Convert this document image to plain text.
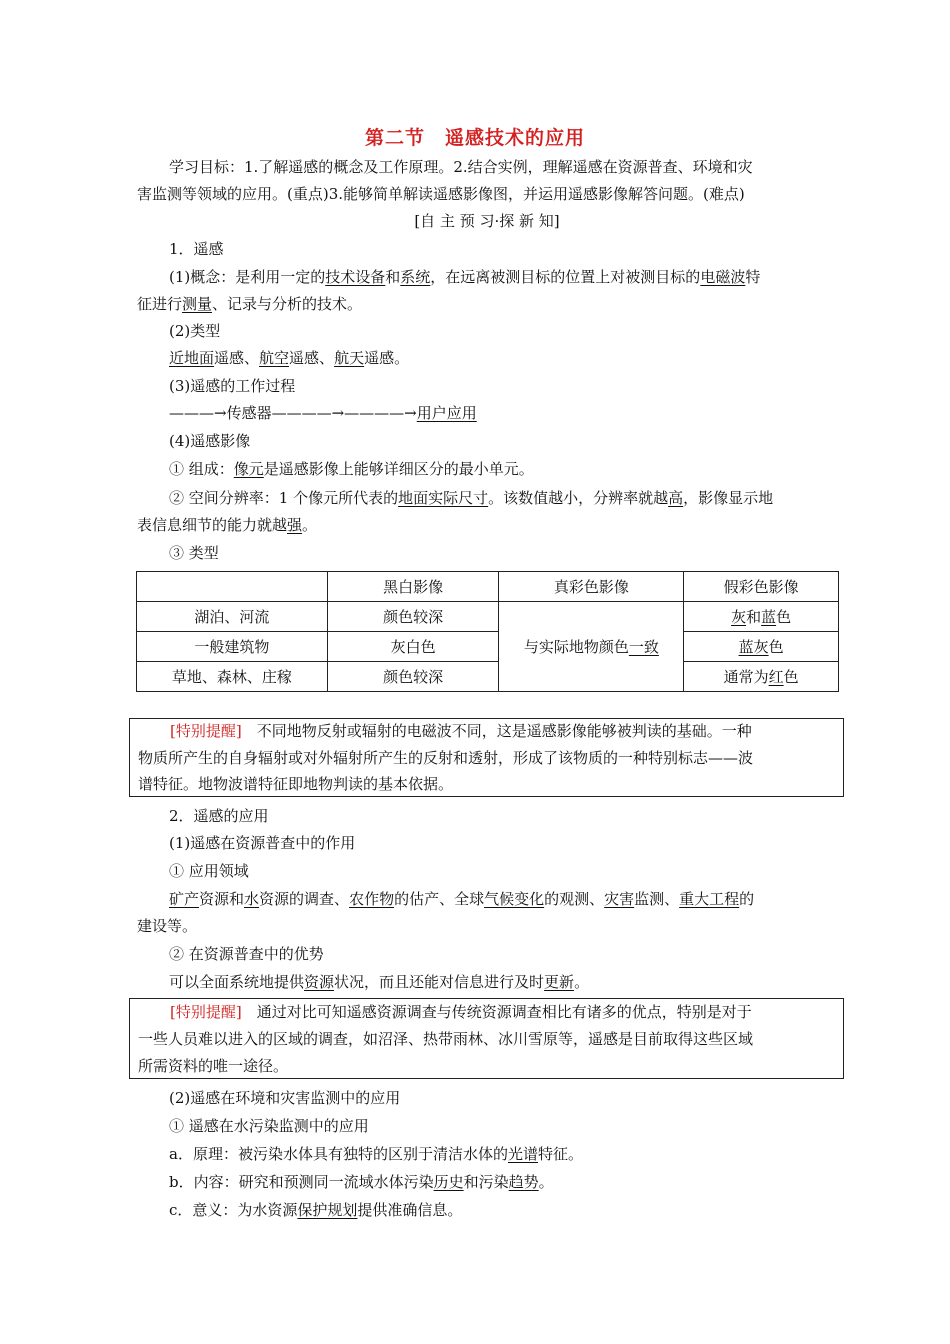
第二节　遥感技术的应用
学习目标：1.了解遥感的概念及工作原理。2.结合实例，理解遥感在资源普查、环境和灾
害监测等领域的应用。(重点)3.能够简单解读遥感影像图，并运用遥感影像解答问题。(难点)
[自 主 预 习·探 新 知]
1．遥感
(1)概念：是利用一定的技术设备和系统，在远离被测目标的位置上对被测目标的电磁波特
征进行测量、记录与分析的技术。
(2)类型
近地面遥感、航空遥感、航天遥感。
(3)遥感的工作过程
———→传感器————→————→用户应用
(4)遥感影像
① 组成：像元是遥感影像上能够详细区分的最小单元。
② 空间分辨率：1 个像元所代表的地面实际尺寸。该数值越小，分辨率就越高，影像显示地
表信息细节的能力就越强。
③ 类型
	黑白影像	真彩色影像	假彩色影像
湖泊、河流	颜色较深	与实际地物颜色一致	灰和蓝色
一般建筑物	灰白色		蓝灰色
草地、森林、庄稼	颜色较深		通常为红色
[特别提醒]　不同地物反射或辐射的电磁波不同，这是遥感影像能够被判读的基础。一种
物质所产生的自身辐射或对外辐射所产生的反射和透射，形成了该物质的一种特别标志——波
谱特征。地物波谱特征即地物判读的基本依据。
2．遥感的应用
(1)遥感在资源普查中的作用
① 应用领域
矿产资源和水资源的调查、农作物的估产、全球气候变化的观测、灾害监测、重大工程的
建设等。
② 在资源普查中的优势
可以全面系统地提供资源状况，而且还能对信息进行及时更新。
[特别提醒]　通过对比可知遥感资源调查与传统资源调查相比有诸多的优点，特别是对于
一些人员难以进入的区域的调查，如沼泽、热带雨林、冰川雪原等，遥感是目前取得这些区域
所需资料的唯一途径。
(2)遥感在环境和灾害监测中的应用
① 遥感在水污染监测中的应用
a．原理：被污染水体具有独特的区别于清洁水体的光谱特征。
b．内容：研究和预测同一流域水体污染历史和污染趋势。
c．意义：为水资源保护规划提供准确信息。
